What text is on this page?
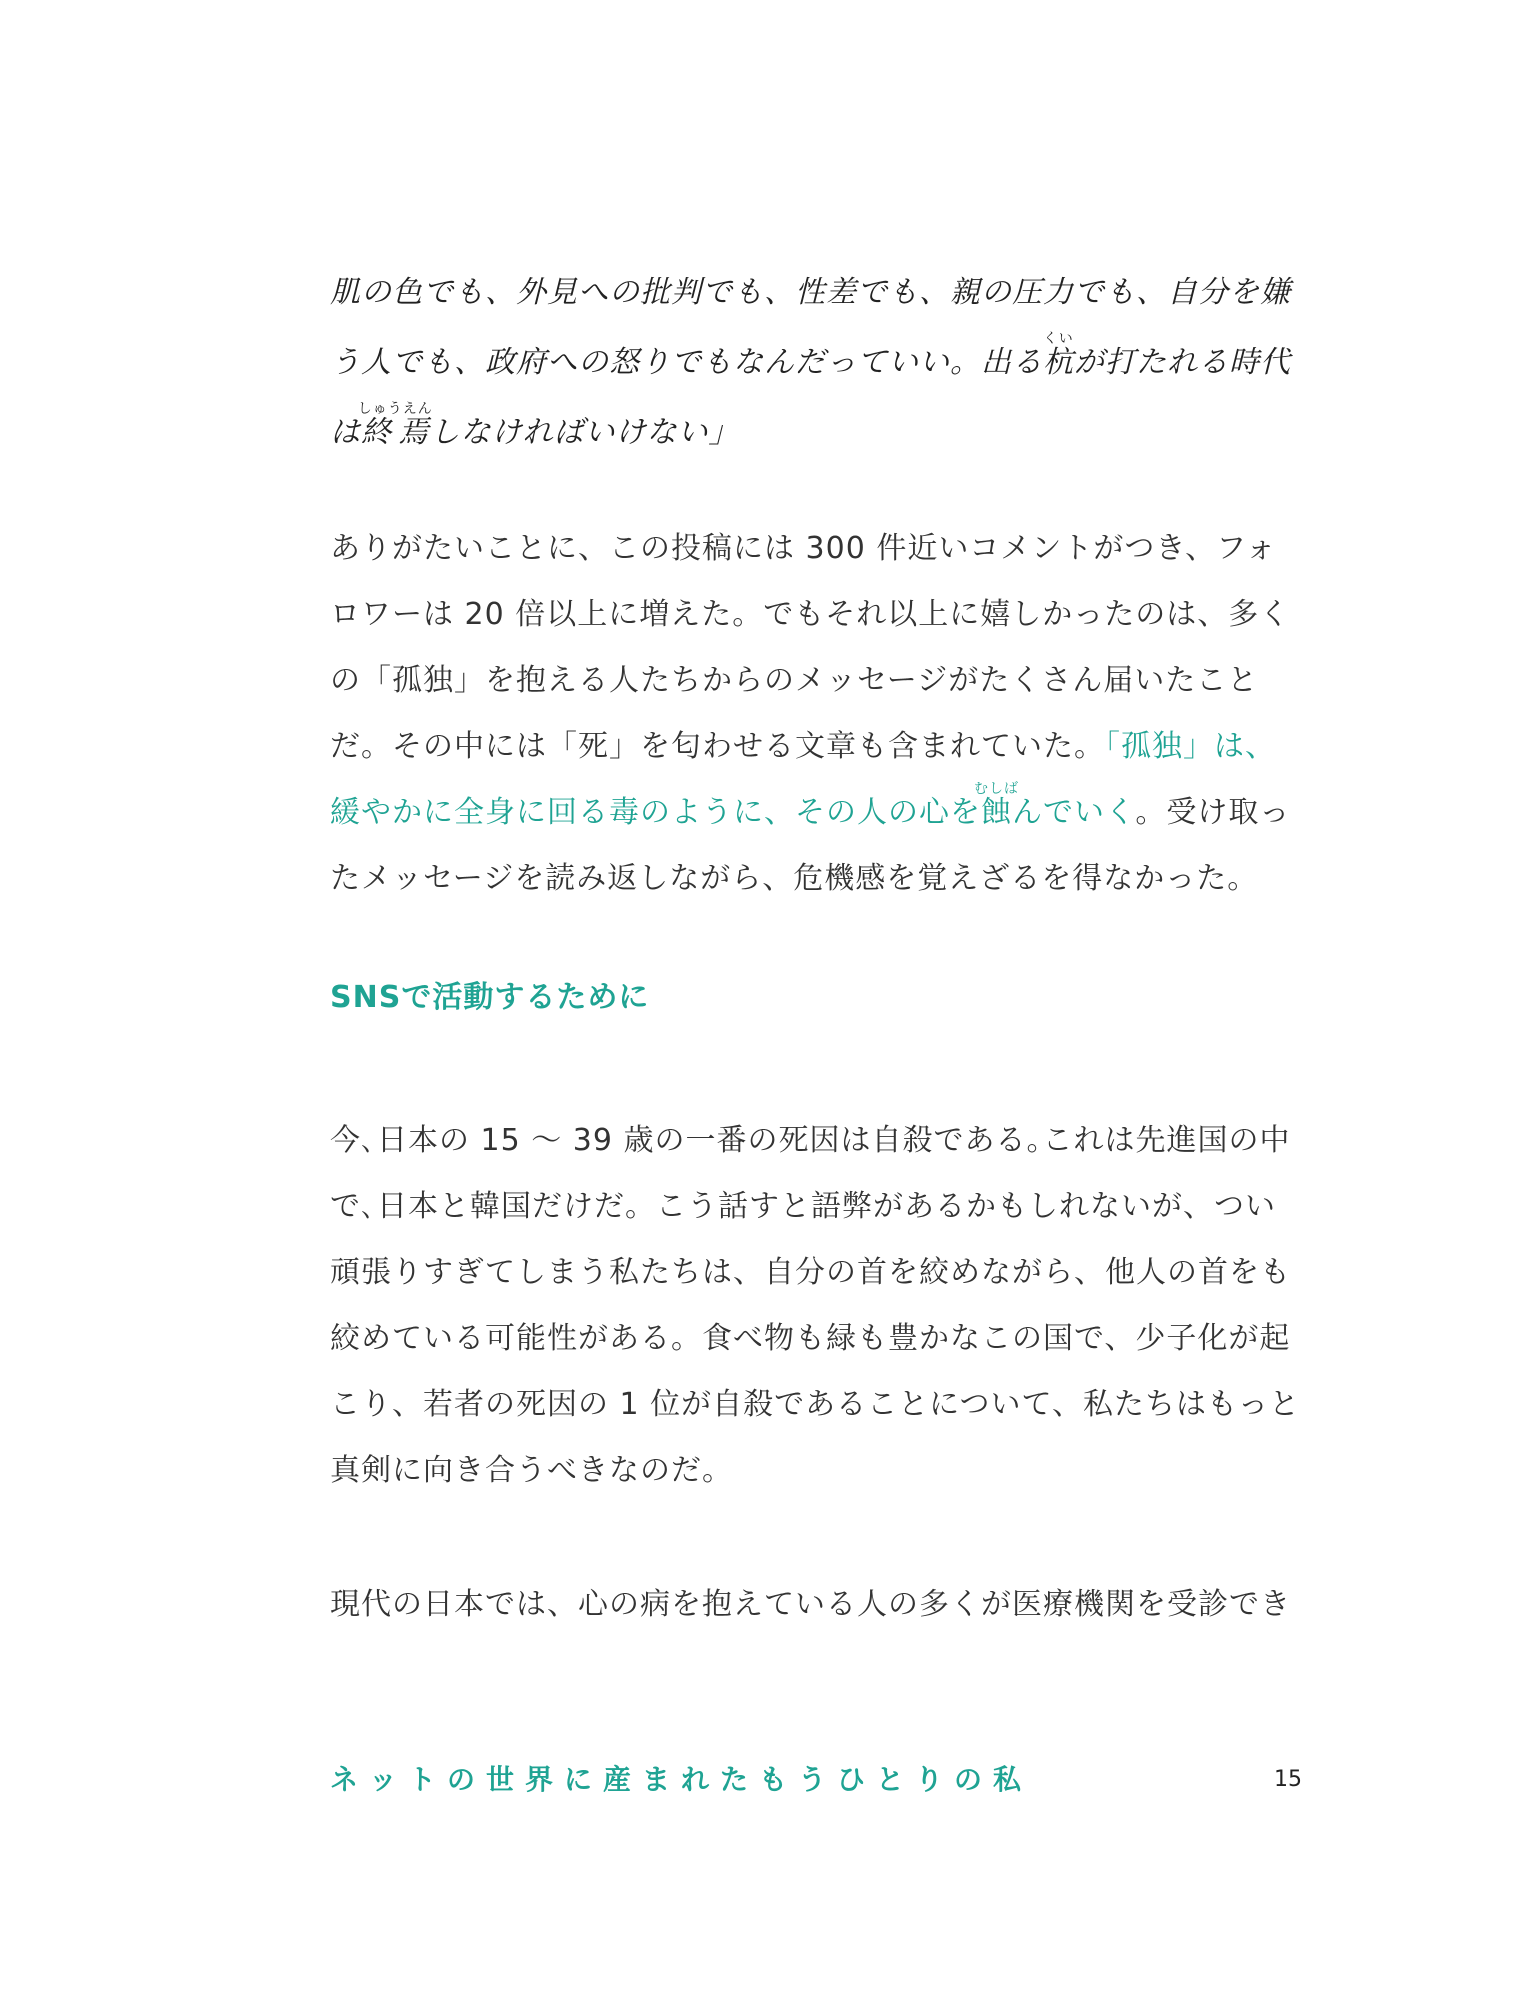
肌の色でも、外見への批判でも、性差でも、親の圧力でも、自分を嫌う人でも、政府への怒りでもなんだっていい。出る杭くいが打たれる時代は終焉しゅうえんしなければいけない」

ありがたいことに、この投稿には 300 件近いコメントがつき、フォロワーは 20 倍以上に増えた。でもそれ以上に嬉しかったのは、多くの「孤独」を抱える人たちからのメッセージがたくさん届いたことだ。その中には「死」を匂わせる文章も含まれていた。「孤独」は、緩やかに全身に回る毒のように、その人の心を蝕むしばんでいく。受け取ったメッセージを読み返しながら、危機感を覚えざるを得なかった。

SNSで活動するために

今､日本の 15 〜 39 歳の一番の死因は自殺である｡これは先進国の中で､日本と韓国だけだ。こう話すと語弊があるかもしれないが、つい頑張りすぎてしまう私たちは、自分の首を絞めながら、他人の首をも絞めている可能性がある。食べ物も緑も豊かなこの国で、少子化が起こり、若者の死因の 1 位が自殺であることについて、私たちはもっと真剣に向き合うべきなのだ。

現代の日本では、心の病を抱えている人の多くが医療機関を受診でき

ネットの世界に産まれたもうひとりの私	15
